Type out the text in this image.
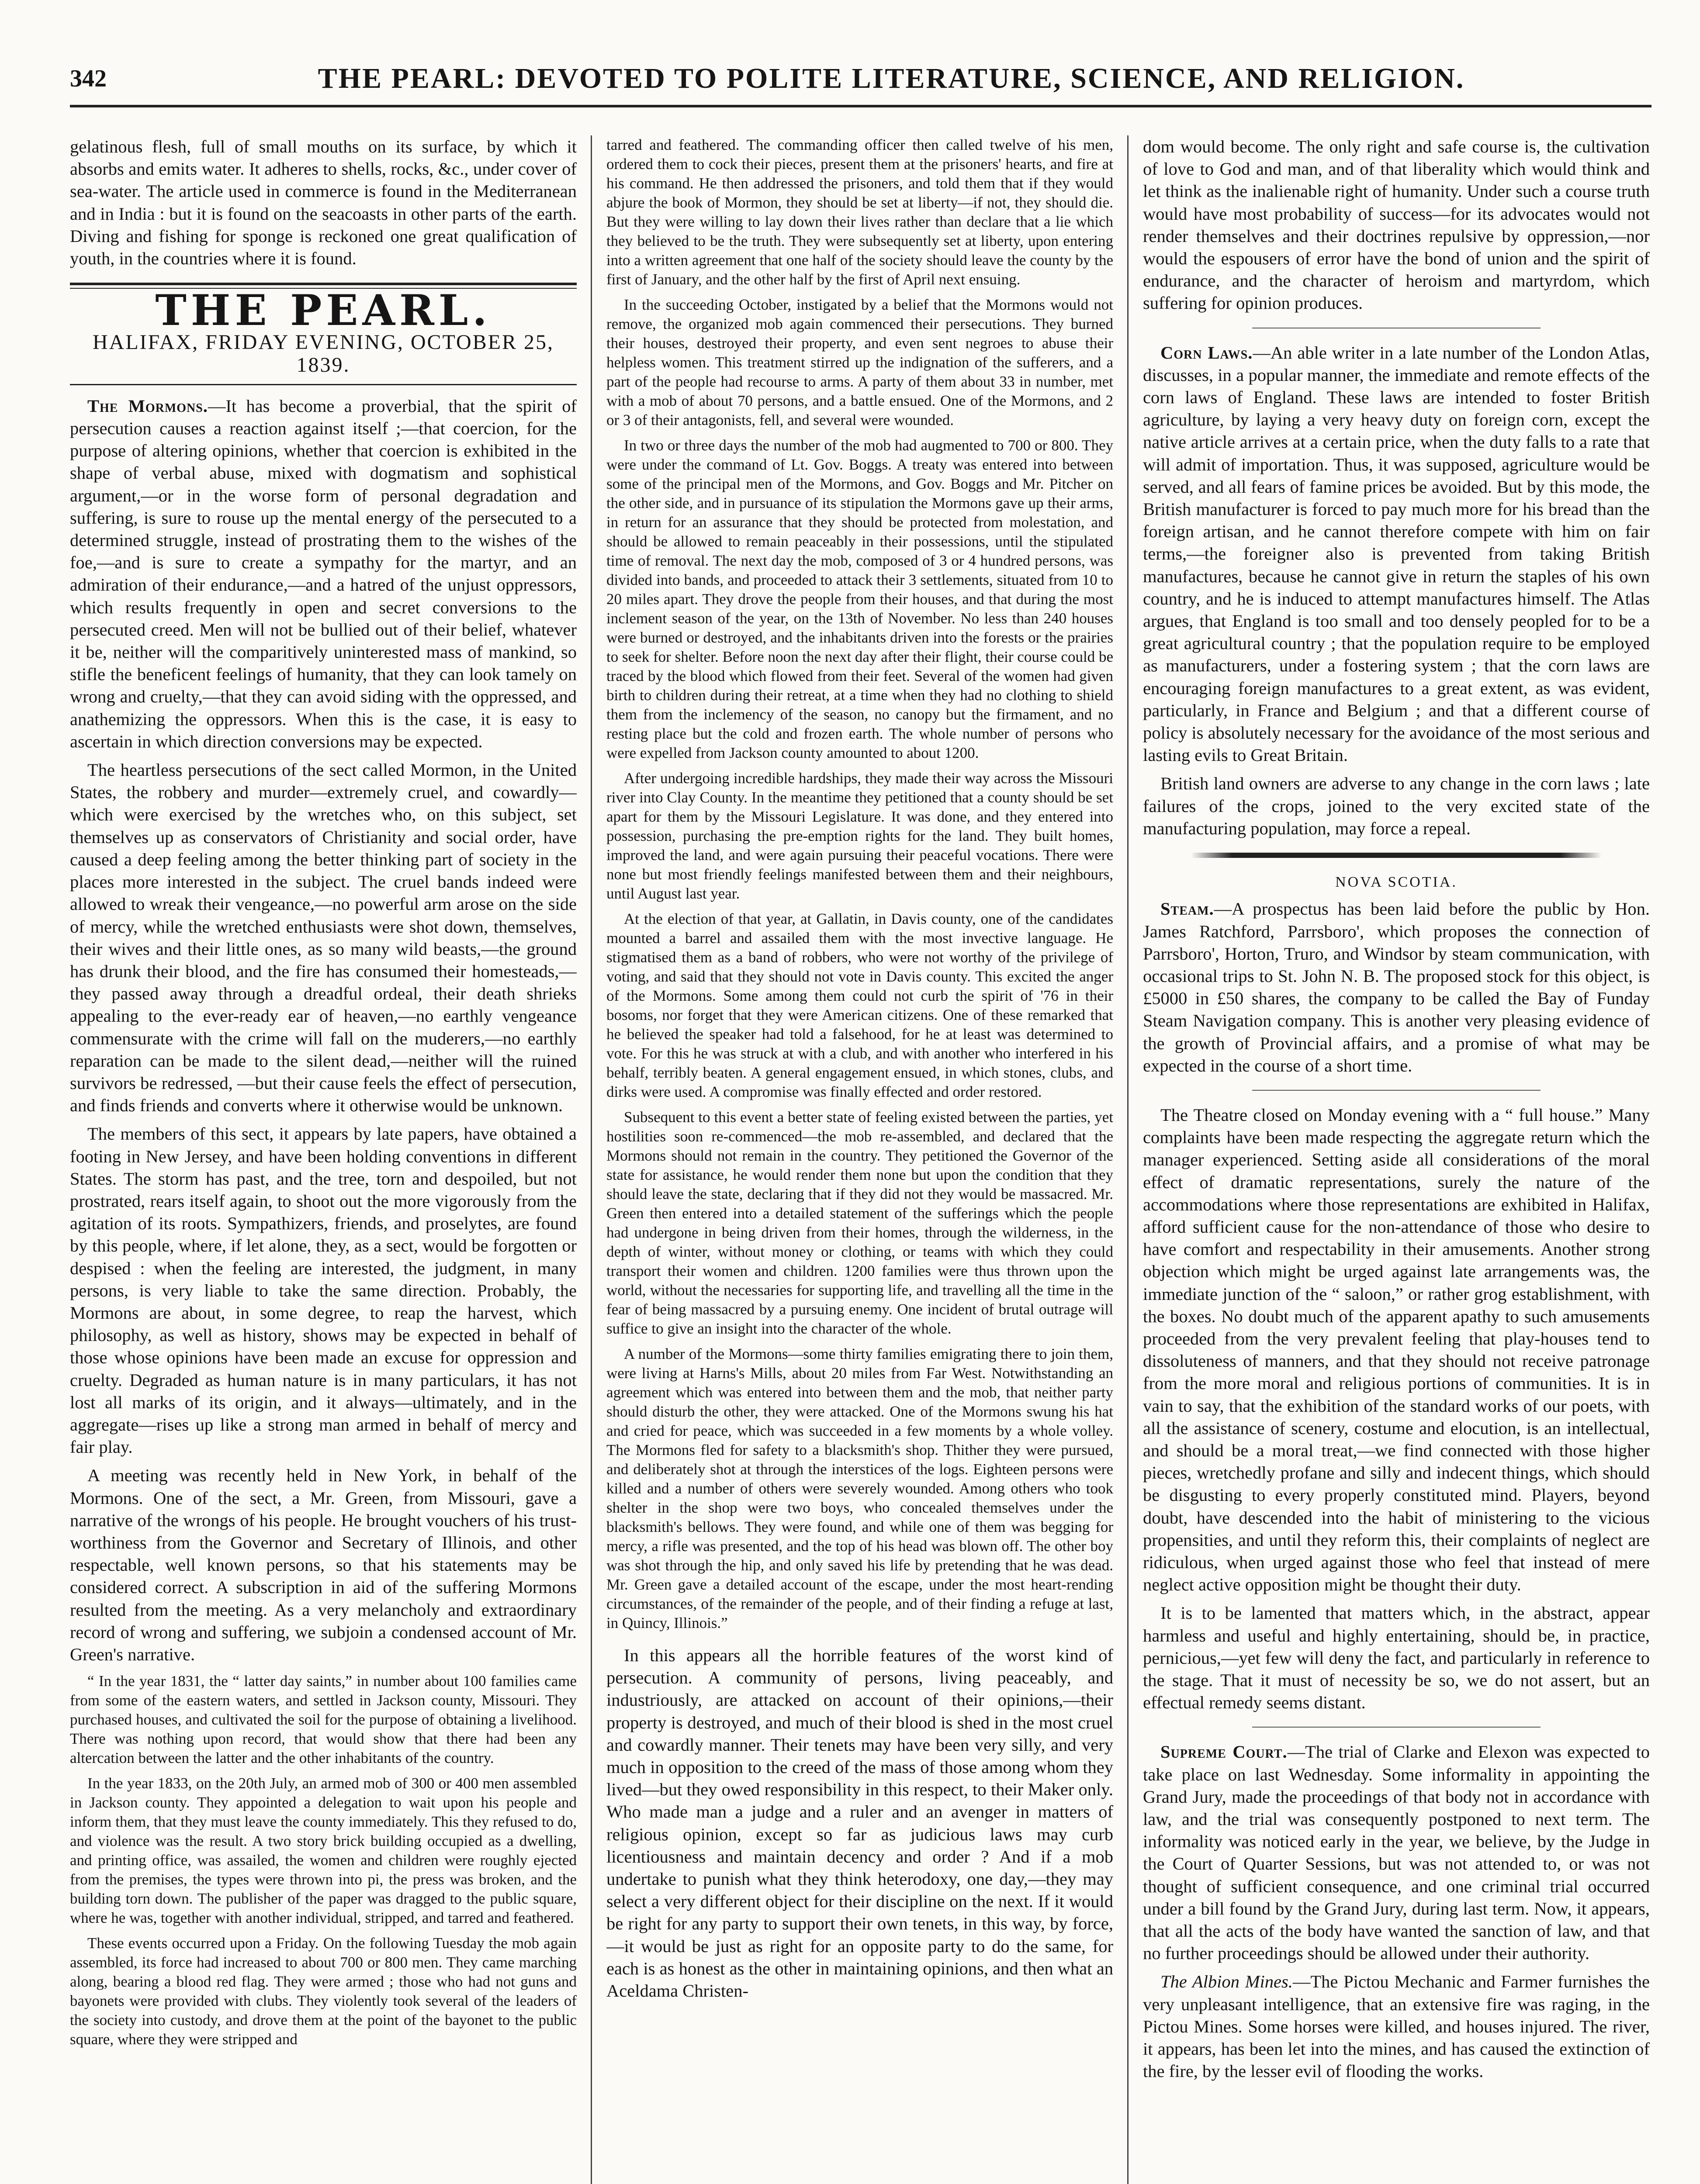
342	THE PEARL: DEVOTED TO POLITE LITERATURE, SCIENCE, AND RELIGION.

gelatinous flesh, full of small mouths on its surface, by which it absorbs and emits water. It adheres to shells, rocks, &c., under cover of sea-water. The article used in commerce is found in the Mediterranean and in India : but it is found on the seacoasts in other parts of the earth. Diving and fishing for sponge is reckoned one great qualification of youth, in the countries where it is found.

THE PEARL.
HALIFAX, FRIDAY EVENING, OCTOBER 25, 1839.

The Mormons.—It has become a proverbial, that the spirit of persecution causes a reaction against itself ;—that coercion, for the purpose of altering opinions, whether that coercion is exhibited in the shape of verbal abuse, mixed with dogmatism and sophistical argument,—or in the worse form of personal degradation and suffering, is sure to rouse up the mental energy of the persecuted to a determined struggle, instead of prostrating them to the wishes of the foe,—and is sure to create a sympathy for the martyr, and an admiration of their endurance,—and a hatred of the unjust oppressors, which results frequently in open and secret conversions to the persecuted creed. Men will not be bullied out of their belief, whatever it be, neither will the comparitively uninterested mass of mankind, so stifle the beneficent feelings of humanity, that they can look tamely on wrong and cruelty,—that they can avoid siding with the oppressed, and anathemizing the oppressors. When this is the case, it is easy to ascertain in which direction conversions may be expected.

The heartless persecutions of the sect called Mormon, in the United States, the robbery and murder—extremely cruel, and cowardly—which were exercised by the wretches who, on this subject, set themselves up as conservators of Christianity and social order, have caused a deep feeling among the better thinking part of society in the places more interested in the subject. The cruel bands indeed were allowed to wreak their vengeance,—no powerful arm arose on the side of mercy, while the wretched enthusiasts were shot down, themselves, their wives and their little ones, as so many wild beasts,—the ground has drunk their blood, and the fire has consumed their homesteads,—they passed away through a dreadful ordeal, their death shrieks appealing to the ever-ready ear of heaven,—no earthly vengeance commensurate with the crime will fall on the muderers,—no earthly reparation can be made to the silent dead,—neither will the ruined survivors be redressed, —but their cause feels the effect of persecution, and finds friends and converts where it otherwise would be unknown.

The members of this sect, it appears by late papers, have obtained a footing in New Jersey, and have been holding conventions in different States. The storm has past, and the tree, torn and despoiled, but not prostrated, rears itself again, to shoot out the more vigorously from the agitation of its roots. Sympathizers, friends, and proselytes, are found by this people, where, if let alone, they, as a sect, would be forgotten or despised : when the feeling are interested, the judgment, in many persons, is very liable to take the same direction. Probably, the Mormons are about, in some degree, to reap the harvest, which philosophy, as well as history, shows may be expected in behalf of those whose opinions have been made an excuse for oppression and cruelty. Degraded as human nature is in many particulars, it has not lost all marks of its origin, and it always—ultimately, and in the aggregate—rises up like a strong man armed in behalf of mercy and fair play.

A meeting was recently held in New York, in behalf of the Mormons. One of the sect, a Mr. Green, from Missouri, gave a narrative of the wrongs of his people. He brought vouchers of his trust-worthiness from the Governor and Secretary of Illinois, and other respectable, well known persons, so that his statements may be considered correct. A subscription in aid of the suffering Mormons resulted from the meeting. As a very melancholy and extraordinary record of wrong and suffering, we subjoin a condensed account of Mr. Green's narrative.

“ In the year 1831, the “ latter day saints,” in number about 100 families came from some of the eastern waters, and settled in Jackson county, Missouri. They purchased houses, and cultivated the soil for the purpose of obtaining a livelihood. There was nothing upon record, that would show that there had been any altercation between the latter and the other inhabitants of the country.

In the year 1833, on the 20th July, an armed mob of 300 or 400 men assembled in Jackson county. They appointed a delegation to wait upon his people and inform them, that they must leave the county immediately. This they refused to do, and violence was the result. A two story brick building occupied as a dwelling, and printing office, was assailed, the women and children were roughly ejected from the premises, the types were thrown into pi, the press was broken, and the building torn down. The publisher of the paper was dragged to the public square, where he was, together with another individual, stripped, and tarred and feathered.

These events occurred upon a Friday. On the following Tuesday the mob again assembled, its force had increased to about 700 or 800 men. They came marching along, bearing a blood red flag. They were armed ; those who had not guns and bayonets were provided with clubs. They violently took several of the leaders of the society into custody, and drove them at the point of the bayonet to the public square, where they were stripped and

tarred and feathered. The commanding officer then called twelve of his men, ordered them to cock their pieces, present them at the prisoners' hearts, and fire at his command. He then addressed the prisoners, and told them that if they would abjure the book of Mormon, they should be set at liberty—if not, they should die. But they were willing to lay down their lives rather than declare that a lie which they believed to be the truth. They were subsequently set at liberty, upon entering into a written agreement that one half of the society should leave the county by the first of January, and the other half by the first of April next ensuing.

In the succeeding October, instigated by a belief that the Mormons would not remove, the organized mob again commenced their persecutions. They burned their houses, destroyed their property, and even sent negroes to abuse their helpless women. This treatment stirred up the indignation of the sufferers, and a part of the people had recourse to arms. A party of them about 33 in number, met with a mob of about 70 persons, and a battle ensued. One of the Mormons, and 2 or 3 of their antagonists, fell, and several were wounded.

In two or three days the number of the mob had augmented to 700 or 800. They were under the command of Lt. Gov. Boggs. A treaty was entered into between some of the principal men of the Mormons, and Gov. Boggs and Mr. Pitcher on the other side, and in pursuance of its stipulation the Mormons gave up their arms, in return for an assurance that they should be protected from molestation, and should be allowed to remain peaceably in their possessions, until the stipulated time of removal. The next day the mob, composed of 3 or 4 hundred persons, was divided into bands, and proceeded to attack their 3 settlements, situated from 10 to 20 miles apart. They drove the people from their houses, and that during the most inclement season of the year, on the 13th of November. No less than 240 houses were burned or destroyed, and the inhabitants driven into the forests or the prairies to seek for shelter. Before noon the next day after their flight, their course could be traced by the blood which flowed from their feet. Several of the women had given birth to children during their retreat, at a time when they had no clothing to shield them from the inclemency of the season, no canopy but the firmament, and no resting place but the cold and frozen earth. The whole number of persons who were expelled from Jackson county amounted to about 1200.

After undergoing incredible hardships, they made their way across the Missouri river into Clay County. In the meantime they petitioned that a county should be set apart for them by the Missouri Legislature. It was done, and they entered into possession, purchasing the pre-emption rights for the land. They built homes, improved the land, and were again pursuing their peaceful vocations. There were none but most friendly feelings manifested between them and their neighbours, until August last year.

At the election of that year, at Gallatin, in Davis county, one of the candidates mounted a barrel and assailed them with the most invective language. He stigmatised them as a band of robbers, who were not worthy of the privilege of voting, and said that they should not vote in Davis county. This excited the anger of the Mormons. Some among them could not curb the spirit of '76 in their bosoms, nor forget that they were American citizens. One of these remarked that he believed the speaker had told a falsehood, for he at least was determined to vote. For this he was struck at with a club, and with another who interfered in his behalf, terribly beaten. A general engagement ensued, in which stones, clubs, and dirks were used. A compromise was finally effected and order restored.

Subsequent to this event a better state of feeling existed between the parties, yet hostilities soon re-commenced—the mob re-assembled, and declared that the Mormons should not remain in the country. They petitioned the Governor of the state for assistance, he would render them none but upon the condition that they should leave the state, declaring that if they did not they would be massacred. Mr. Green then entered into a detailed statement of the sufferings which the people had undergone in being driven from their homes, through the wilderness, in the depth of winter, without money or clothing, or teams with which they could transport their women and children. 1200 families were thus thrown upon the world, without the necessaries for supporting life, and travelling all the time in the fear of being massacred by a pursuing enemy. One incident of brutal outrage will suffice to give an insight into the character of the whole.

A number of the Mormons—some thirty families emigrating there to join them, were living at Harns's Mills, about 20 miles from Far West. Notwithstanding an agreement which was entered into between them and the mob, that neither party should disturb the other, they were attacked. One of the Mormons swung his hat and cried for peace, which was succeeded in a few moments by a whole volley. The Mormons fled for safety to a blacksmith's shop. Thither they were pursued, and deliberately shot at through the interstices of the logs. Eighteen persons were killed and a number of others were severely wounded. Among others who took shelter in the shop were two boys, who concealed themselves under the blacksmith's bellows. They were found, and while one of them was begging for mercy, a rifle was presented, and the top of his head was blown off. The other boy was shot through the hip, and only saved his life by pretending that he was dead. Mr. Green gave a detailed account of the escape, under the most heart-rending circumstances, of the remainder of the people, and of their finding a refuge at last, in Quincy, Illinois.”

In this appears all the horrible features of the worst kind of persecution. A community of persons, living peaceably, and industriously, are attacked on account of their opinions,—their property is destroyed, and much of their blood is shed in the most cruel and cowardly manner. Their tenets may have been very silly, and very much in opposition to the creed of the mass of those among whom they lived—but they owed responsibility in this respect, to their Maker only. Who made man a judge and a ruler and an avenger in matters of religious opinion, except so far as judicious laws may curb licentiousness and maintain decency and order ? And if a mob undertake to punish what they think heterodoxy, one day,—they may select a very different object for their discipline on the next. If it would be right for any party to support their own tenets, in this way, by force,—it would be just as right for an opposite party to do the same, for each is as honest as the other in maintaining opinions, and then what an Aceldama Christen-

dom would become. The only right and safe course is, the cultivation of love to God and man, and of that liberality which would think and let think as the inalienable right of humanity. Under such a course truth would have most probability of success—for its advocates would not render themselves and their doctrines repulsive by oppression,—nor would the espousers of error have the bond of union and the spirit of endurance, and the character of heroism and martyrdom, which suffering for opinion produces.

Corn Laws.—An able writer in a late number of the London Atlas, discusses, in a popular manner, the immediate and remote effects of the corn laws of England. These laws are intended to foster British agriculture, by laying a very heavy duty on foreign corn, except the native article arrives at a certain price, when the duty falls to a rate that will admit of importation. Thus, it was supposed, agriculture would be served, and all fears of famine prices be avoided. But by this mode, the British manufacturer is forced to pay much more for his bread than the foreign artisan, and he cannot therefore compete with him on fair terms,—the foreigner also is prevented from taking British manufactures, because he cannot give in return the staples of his own country, and he is induced to attempt manufactures himself. The Atlas argues, that England is too small and too densely peopled for to be a great agricultural country ; that the population require to be employed as manufacturers, under a fostering system ; that the corn laws are encouraging foreign manufactures to a great extent, as was evident, particularly, in France and Belgium ; and that a different course of policy is absolutely necessary for the avoidance of the most serious and lasting evils to Great Britain.

British land owners are adverse to any change in the corn laws ; late failures of the crops, joined to the very excited state of the manufacturing population, may force a repeal.

NOVA SCOTIA.

Steam.—A prospectus has been laid before the public by Hon. James Ratchford, Parrsboro', which proposes the connection of Parrsboro', Horton, Truro, and Windsor by steam communication, with occasional trips to St. John N. B. The proposed stock for this object, is £5000 in £50 shares, the company to be called the Bay of Funday Steam Navigation company. This is another very pleasing evidence of the growth of Provincial affairs, and a promise of what may be expected in the course of a short time.

The Theatre closed on Monday evening with a “ full house.” Many complaints have been made respecting the aggregate return which the manager experienced. Setting aside all considerations of the moral effect of dramatic representations, surely the nature of the accommodations where those representations are exhibited in Halifax, afford sufficient cause for the non-attendance of those who desire to have comfort and respectability in their amusements. Another strong objection which might be urged against late arrangements was, the immediate junction of the “ saloon,” or rather grog establishment, with the boxes. No doubt much of the apparent apathy to such amusements proceeded from the very prevalent feeling that play-houses tend to dissoluteness of manners, and that they should not receive patronage from the more moral and religious portions of communities. It is in vain to say, that the exhibition of the standard works of our poets, with all the assistance of scenery, costume and elocution, is an intellectual, and should be a moral treat,—we find connected with those higher pieces, wretchedly profane and silly and indecent things, which should be disgusting to every properly constituted mind. Players, beyond doubt, have descended into the habit of ministering to the vicious propensities, and until they reform this, their complaints of neglect are ridiculous, when urged against those who feel that instead of mere neglect active opposition might be thought their duty.

It is to be lamented that matters which, in the abstract, appear harmless and useful and highly entertaining, should be, in practice, pernicious,—yet few will deny the fact, and particularly in reference to the stage. That it must of necessity be so, we do not assert, but an effectual remedy seems distant.

Supreme Court.—The trial of Clarke and Elexon was expected to take place on last Wednesday. Some informality in appointing the Grand Jury, made the proceedings of that body not in accordance with law, and the trial was consequently postponed to next term. The informality was noticed early in the year, we believe, by the Judge in the Court of Quarter Sessions, but was not attended to, or was not thought of sufficient consequence, and one criminal trial occurred under a bill found by the Grand Jury, during last term. Now, it appears, that all the acts of the body have wanted the sanction of law, and that no further proceedings should be allowed under their authority.

The Albion Mines.—The Pictou Mechanic and Farmer furnishes the very unpleasant intelligence, that an extensive fire was raging, in the Pictou Mines. Some horses were killed, and houses injured. The river, it appears, has been let into the mines, and has caused the extinction of the fire, by the lesser evil of flooding the works.
